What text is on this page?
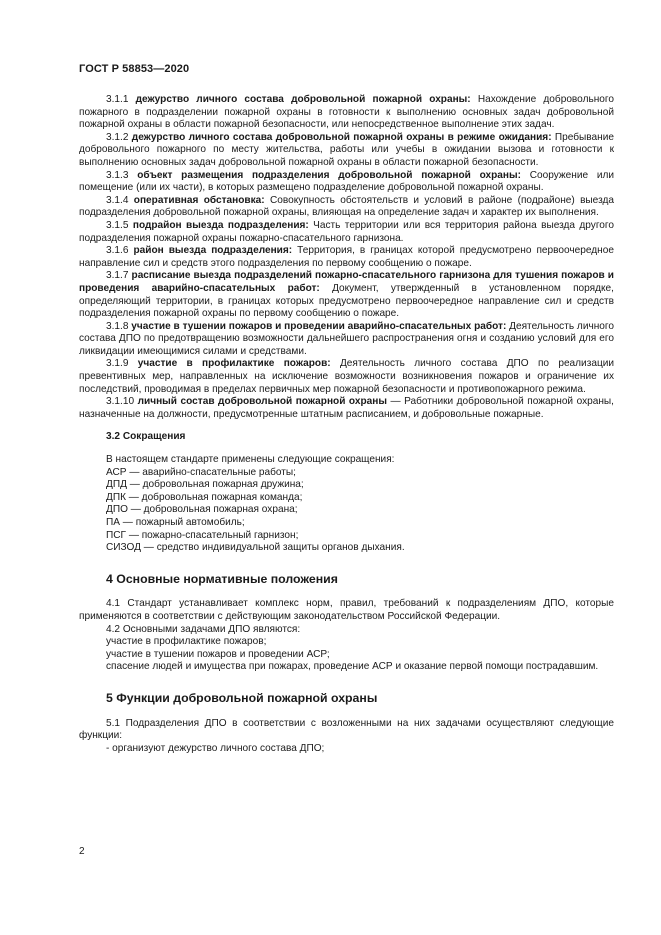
ГОСТ Р 58853—2020

3.1.1 дежурство личного состава добровольной пожарной охраны: Нахождение добровольного пожарного в подразделении пожарной охраны в готовности к выполнению основных задач добровольной пожарной охраны в области пожарной безопасности, или непосредственное выполнение этих задач.

3.1.2 дежурство личного состава добровольной пожарной охраны в режиме ожидания: Пребывание добровольного пожарного по месту жительства, работы или учебы в ожидании вызова и готовности к выполнению основных задач добровольной пожарной охраны в области пожарной безопасности.

3.1.3 объект размещения подразделения добровольной пожарной охраны: Сооружение или помещение (или их части), в которых размещено подразделение добровольной пожарной охраны.

3.1.4 оперативная обстановка: Совокупность обстоятельств и условий в районе (подрайоне) выезда подразделения добровольной пожарной охраны, влияющая на определение задач и характер их выполнения.

3.1.5 подрайон выезда подразделения: Часть территории или вся территория района выезда другого подразделения пожарной охраны пожарно-спасательного гарнизона.

3.1.6 район выезда подразделения: Территория, в границах которой предусмотрено первоочередное направление сил и средств этого подразделения по первому сообщению о пожаре.

3.1.7 расписание выезда подразделений пожарно-спасательного гарнизона для тушения пожаров и проведения аварийно-спасательных работ: Документ, утвержденный в установленном порядке, определяющий территории, в границах которых предусмотрено первоочередное направление сил и средств подразделения пожарной охраны по первому сообщению о пожаре.

3.1.8 участие в тушении пожаров и проведении аварийно-спасательных работ: Деятельность личного состава ДПО по предотвращению возможности дальнейшего распространения огня и созданию условий для его ликвидации имеющимися силами и средствами.

3.1.9 участие в профилактике пожаров: Деятельность личного состава ДПО по реализации превентивных мер, направленных на исключение возможности возникновения пожаров и ограничение их последствий, проводимая в пределах первичных мер пожарной безопасности и противопожарного режима.

3.1.10 личный состав добровольной пожарной охраны — Работники добровольной пожарной охраны, назначенные на должности, предусмотренные штатным расписанием, и добровольные пожарные.

3.2 Сокращения
В настоящем стандарте применены следующие сокращения:
АСР — аварийно-спасательные работы;
ДПД — добровольная пожарная дружина;
ДПК — добровольная пожарная команда;
ДПО — добровольная пожарная охрана;
ПА — пожарный автомобиль;
ПСГ — пожарно-спасательный гарнизон;
СИЗОД — средство индивидуальной защиты органов дыхания.
4 Основные нормативные положения

4.1 Стандарт устанавливает комплекс норм, правил, требований к подразделениям ДПО, которые применяются в соответствии с действующим законодательством Российской Федерации.

4.2 Основными задачами ДПО являются:

участие в профилактике пожаров;
участие в тушении пожаров и проведении АСР;

спасение людей и имущества при пожарах, проведение АСР и оказание первой помощи пострадавшим.

5 Функции добровольной пожарной охраны

5.1 Подразделения ДПО в соответствии с возложенными на них задачами осуществляют следующие функции:

- организуют дежурство личного состава ДПО;
2
